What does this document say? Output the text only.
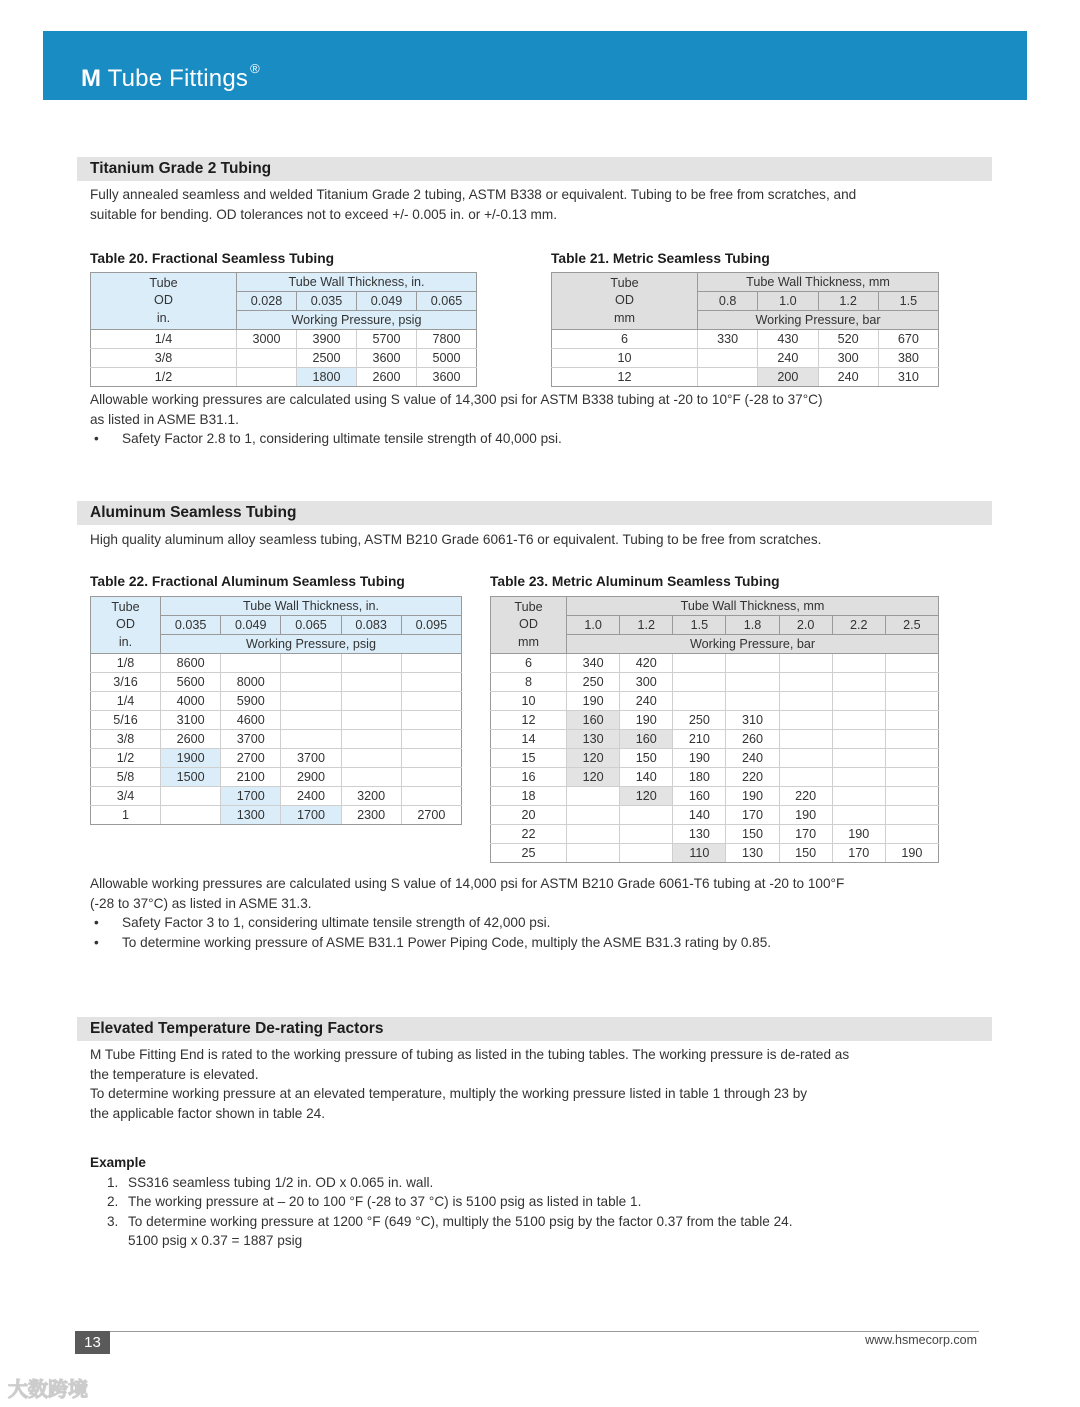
M Tube Fittings ®
Titanium Grade 2 Tubing
Fully annealed seamless and welded Titanium Grade 2 tubing, ASTM B338 or equivalent. Tubing to be free from scratches, and
suitable for bending. OD tolerances not to exceed +/- 0.005 in. or +/-0.13 mm.
Table 20. Fractional Seamless Tubing
Tube
OD
in.	Tube Wall Thickness, in.			
	0.028	0.035	0.049	0.065
	Working Pressure, psig			
1/4	3000	3900	5700	7800
3/8		2500	3600	5000
1/2		1800	2600	3600
Table 21. Metric Seamless Tubing
Tube
OD
mm	Tube Wall Thickness, mm			
	0.8	1.0	1.2	1.5
	Working Pressure, bar			
6	330	430	520	670
10		240	300	380
12		200	240	310
Allowable working pressures are calculated using S value of 14,300 psi for ASTM B338 tubing at -20 to 10°F (-28 to 37°C)
as listed in ASME B31.1.
• Safety Factor 2.8 to 1, considering ultimate tensile strength of 40,000 psi.
Aluminum Seamless Tubing
High quality aluminum alloy seamless tubing, ASTM B210 Grade 6061-T6 or equivalent. Tubing to be free from scratches.
Table 22. Fractional Aluminum Seamless Tubing
Tube
OD
in.	Tube Wall Thickness, in.				
	0.035	0.049	0.065	0.083	0.095
	Working Pressure, psig				
1/8	8600				
3/16	5600	8000			
1/4	4000	5900			
5/16	3100	4600			
3/8	2600	3700			
1/2	1900	2700	3700		
5/8	1500	2100	2900		
3/4		1700	2400	3200	
1		1300	1700	2300	2700
Table 23. Metric Aluminum Seamless Tubing
Tube
OD
mm	Tube Wall Thickness, mm						
	1.0	1.2	1.5	1.8	2.0	2.2	2.5
	Working Pressure, bar						
6	340	420					
8	250	300					
10	190	240					
12	160	190	250	310			
14	130	160	210	260			
15	120	150	190	240			
16	120	140	180	220			
18		120	160	190	220		
20			140	170	190		
22			130	150	170	190	
25			110	130	150	170	190
Allowable working pressures are calculated using S value of 14,000 psi for ASTM B210 Grade 6061-T6 tubing at -20 to 100°F
(-28 to 37°C) as listed in ASME 31.3.
• Safety Factor 3 to 1, considering ultimate tensile strength of 42,000 psi.
• To determine working pressure of ASME B31.1 Power Piping Code, multiply the ASME B31.3 rating by 0.85.
Elevated Temperature De-rating Factors
M Tube Fitting End is rated to the working pressure of tubing as listed in the tubing tables. The working pressure is de-rated as
the temperature is elevated.
To determine working pressure at an elevated temperature, multiply the working pressure listed in table 1 through 23 by
the applicable factor shown in table 24.
Example
1. SS316 seamless tubing 1/2 in. OD x 0.065 in. wall.
2. The working pressure at – 20 to 100 °F (-28 to 37 °C) is 5100 psig as listed in table 1.
3. To determine working pressure at 1200 °F (649 °C), multiply the 5100 psig by the factor 0.37 from the table 24.
5100 psig x 0.37 = 1887 psig
13	www.hsmecorp.com
大数跨境
